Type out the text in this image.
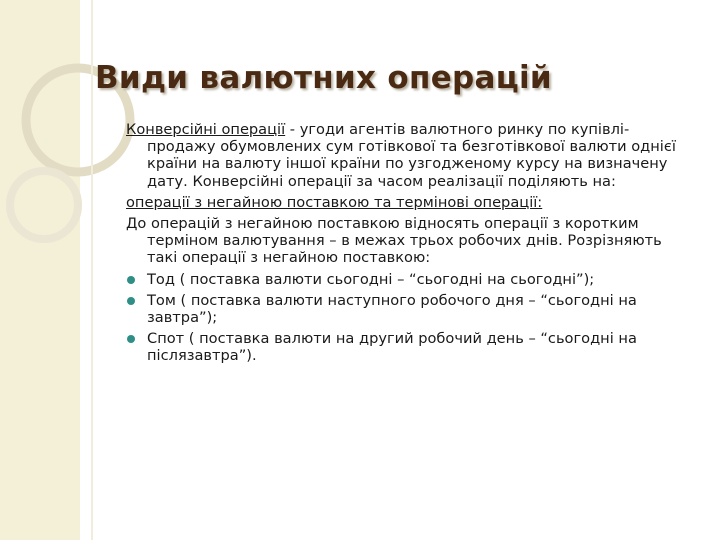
Види валютних операцій

Конверсійні операції - угоди агентів валютного ринку по купівлі-продажу обумовлених сум готівкової та безготівкової валюти однієї країни на валюту іншої країни по узгодженому курсу на визначену дату. Конверсійні операції за часом реалізації поділяють на:

операції з негайною поставкою та термінові операції:

До операцій з негайною поставкою відносять операції з коротким терміном валютування – в межах трьох робочих днів. Розрізняють такі операції з негайною поставкою:

Тод ( поставка валюти сьогодні – “сьогодні на сьогодні”);
Том ( поставка валюти наступного робочого дня – “сьогодні на завтра”);
Спот ( поставка валюти на другий робочий день – “сьогодні на післязавтра”).
